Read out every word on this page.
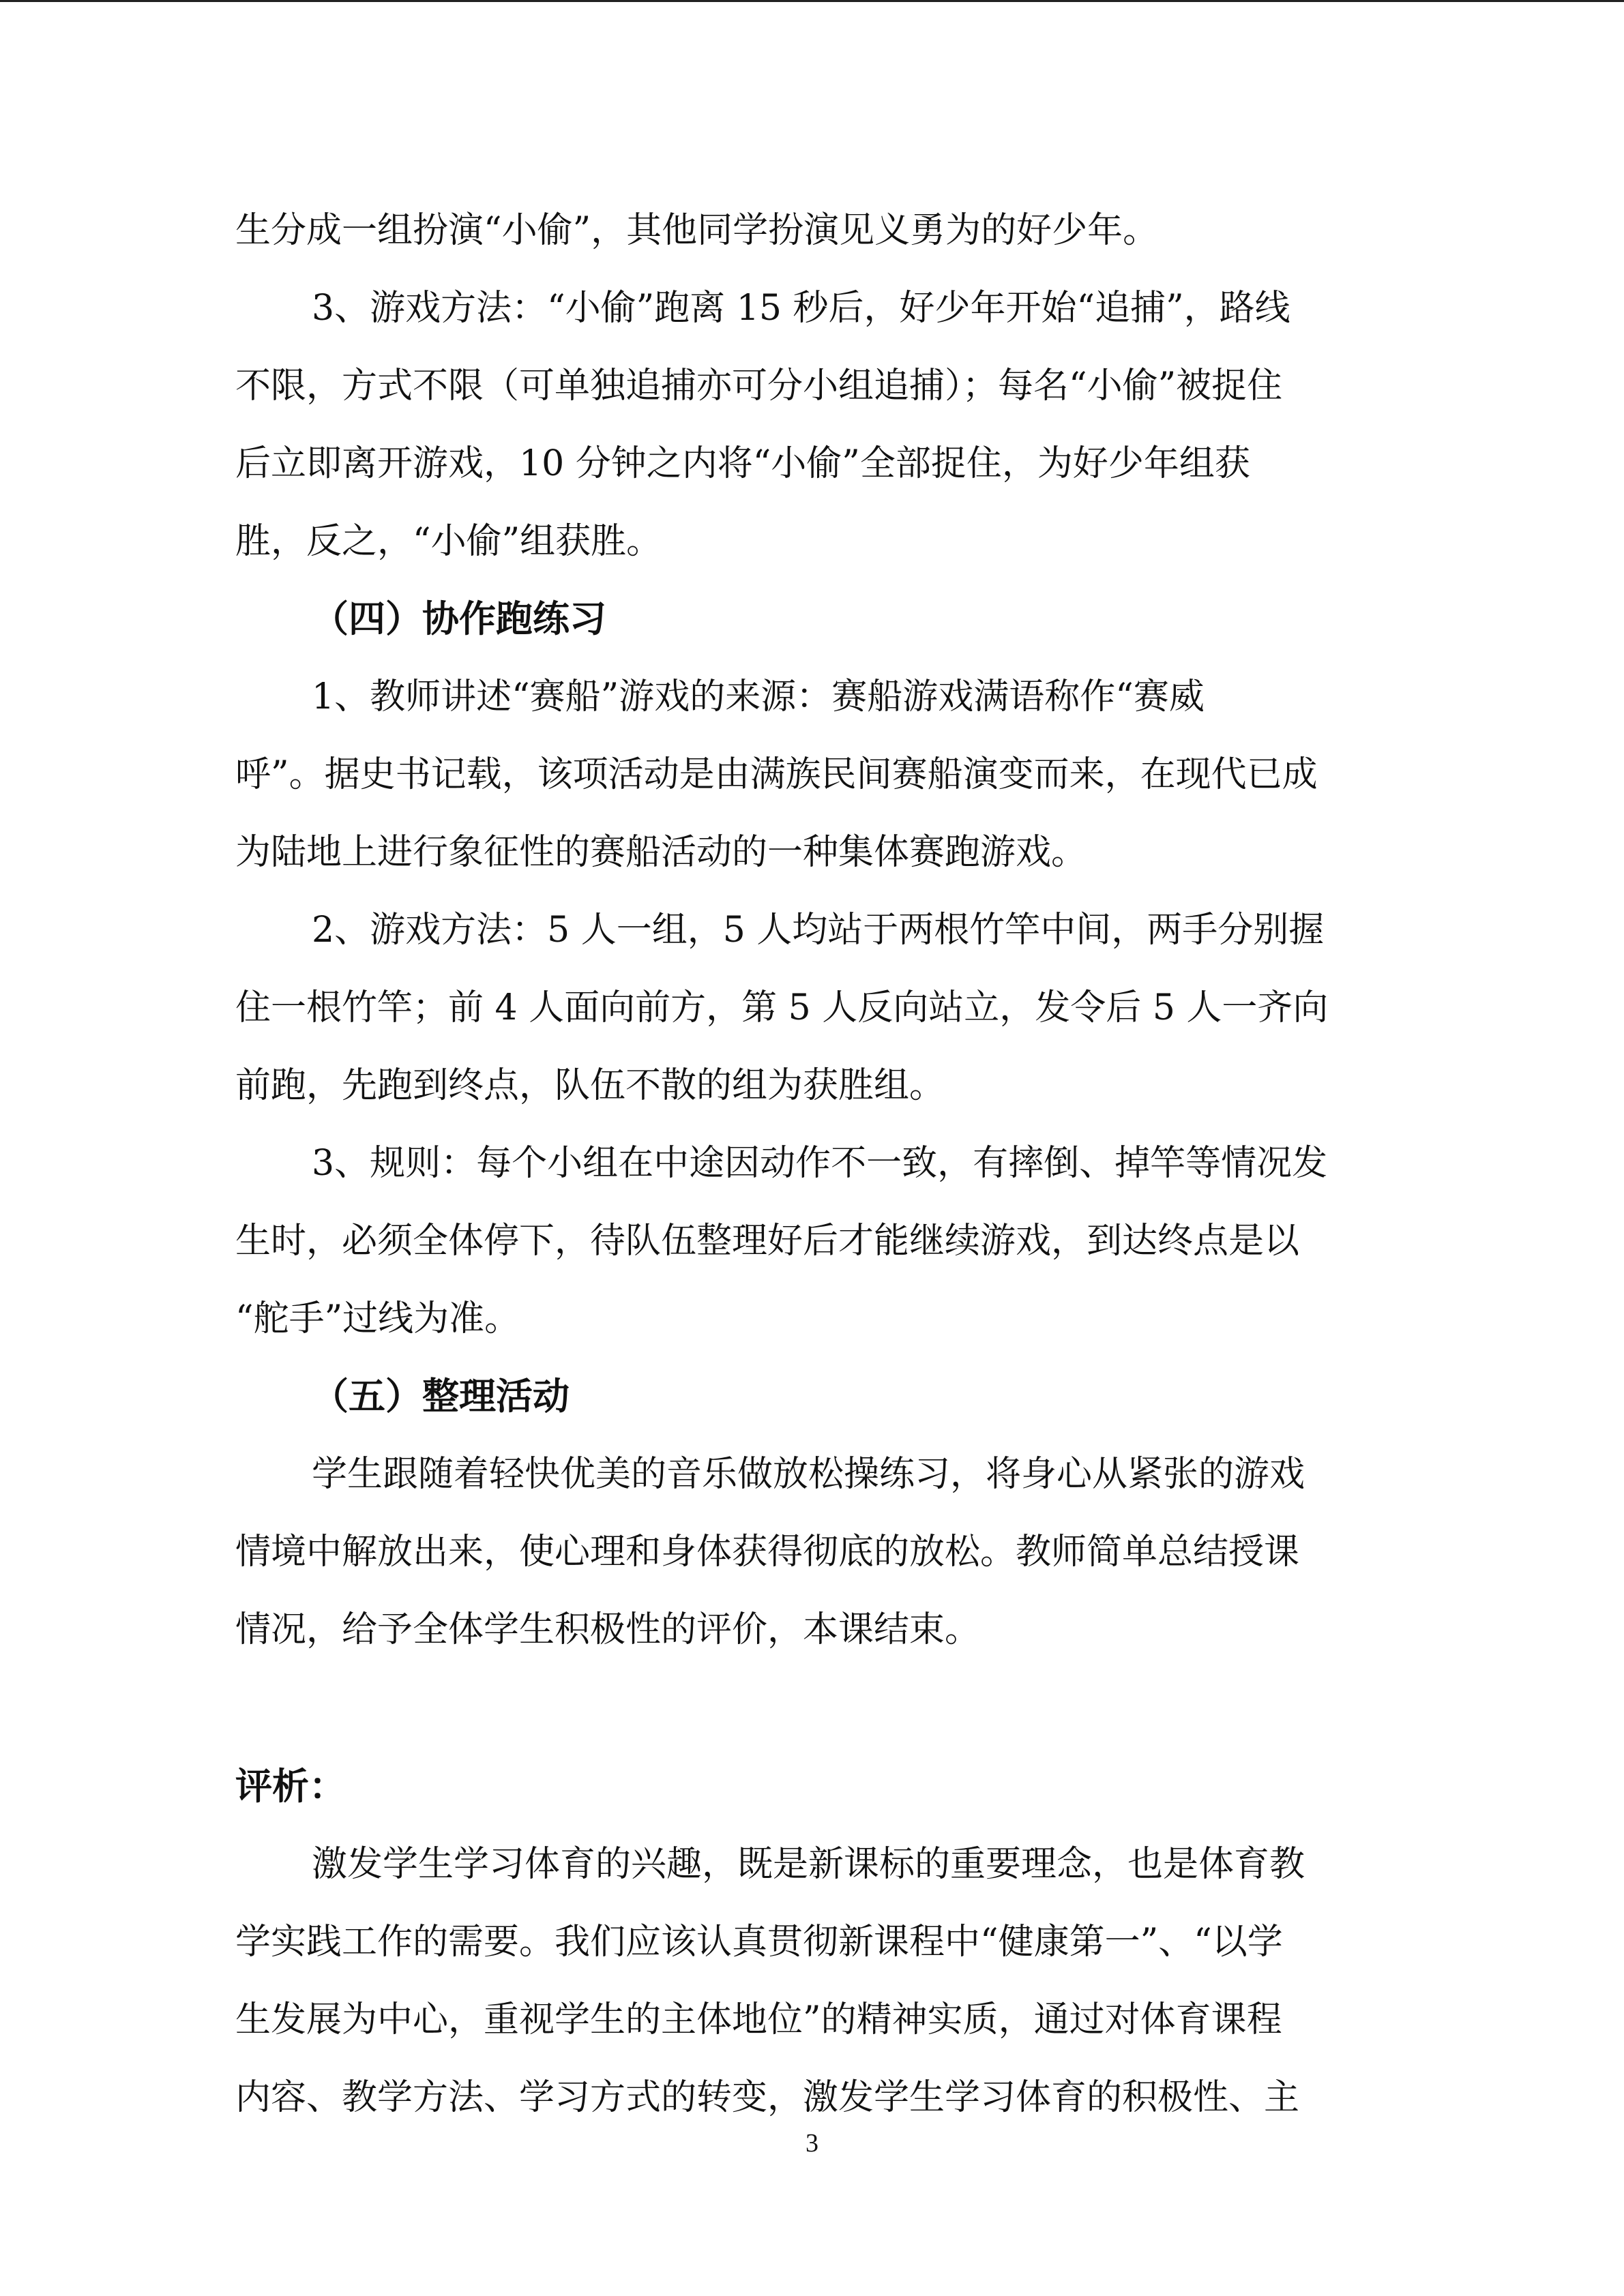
生分成一组扮演“小偷”，其他同学扮演见义勇为的好少年。
3、游戏方法：“小偷”跑离 15 秒后，好少年开始“追捕”，路线
不限，方式不限（可单独追捕亦可分小组追捕）；每名“小偷”被捉住
后立即离开游戏，10 分钟之内将“小偷”全部捉住，为好少年组获
胜，反之，“小偷”组获胜。
（四）协作跑练习
1、教师讲述“赛船”游戏的来源：赛船游戏满语称作“赛威
呼”。据史书记载，该项活动是由满族民间赛船演变而来，在现代已成
为陆地上进行象征性的赛船活动的一种集体赛跑游戏。
2、游戏方法：5 人一组，5 人均站于两根竹竿中间，两手分别握
住一根竹竿；前 4 人面向前方，第 5 人反向站立，发令后 5 人一齐向
前跑，先跑到终点，队伍不散的组为获胜组。
3、规则：每个小组在中途因动作不一致，有摔倒、掉竿等情况发
生时，必须全体停下，待队伍整理好后才能继续游戏，到达终点是以
“舵手”过线为准。
（五）整理活动
学生跟随着轻快优美的音乐做放松操练习，将身心从紧张的游戏
情境中解放出来，使心理和身体获得彻底的放松。教师简单总结授课
情况，给予全体学生积极性的评价，本课结束。
评析：
激发学生学习体育的兴趣，既是新课标的重要理念，也是体育教
学实践工作的需要。我们应该认真贯彻新课程中“健康第一”、“以学
生发展为中心，重视学生的主体地位”的精神实质，通过对体育课程
内容、教学方法、学习方式的转变，激发学生学习体育的积极性、主
3
